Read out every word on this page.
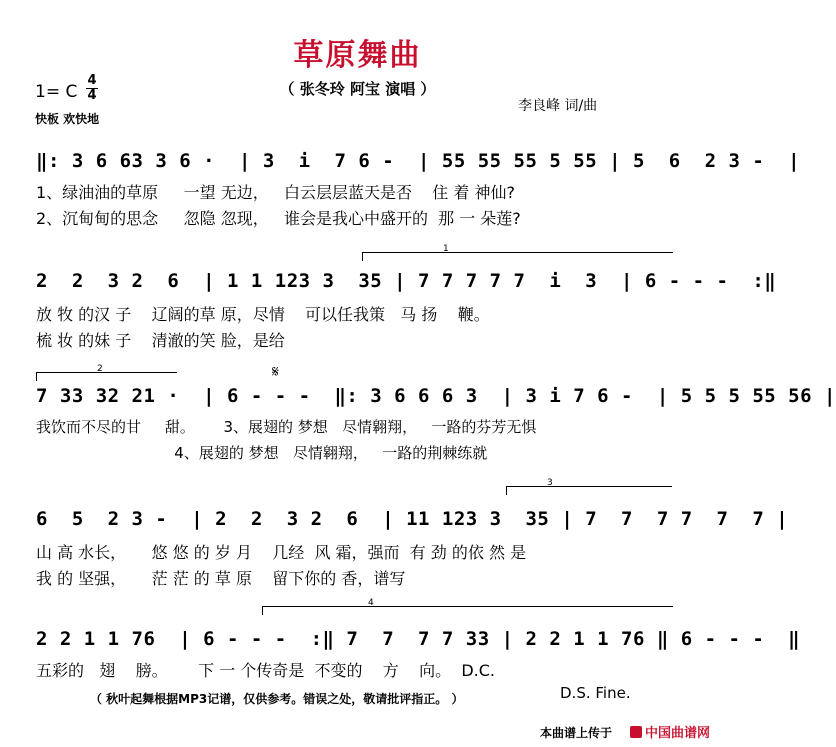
草原舞曲
（ 张冬玲 阿宝 演唱 ）
1= C
4
4
快板 欢快地
李良峰 词/曲
‖: 3 6 63 3 6 ·  | 3  i  7 6 -  | 55 55 55 5 55 | 5  6  2 3 -  |
1、绿油油的草原     一望 无边，   白云层层蓝天是否    住 着 神仙?
2、沉甸甸的思念     忽隐 忽现，   谁会是我心中盛开的  那 一 朵莲?
1
2  2  3 2  6  | 1 1 123 3  35 | 7 7 7 7 7  i  3  | 6 - - -  :‖
放 牧 的汉 子    辽阔的草 原，尽情    可以任我策   马 扬    鞭。
梳 妆 的妹 子    清澈的笑 脸，是给
2	𝄋
7 33 32 21 ·  | 6 - - -  ‖: 3 6 6 6 3  | 3 i 7 6 -  | 5 5 5 55 56 |
我饮而不尽的甘     甜。      3、展翅的 梦想   尽情翱翔，   一路的芬芳无惧
4、展翅的 梦想   尽情翱翔，   一路的荆棘练就
3
6  5  2 3 -  | 2  2  3 2  6  | 11 123 3  35 | 7  7  7 7  7  7 |
山 高 水长，     悠 悠 的 岁 月    几经  风 霜，强而  有 劲 的依 然 是
我 的 坚强，     茫 茫 的 草 原    留下你的 香，谱写
4
2 2 1 1 76  | 6 - - -  :‖ 7  7  7 7 33 | 2 2 1 1 76 ‖ 6 - - -  ‖
五彩的   翅    膀。      下 一 个传奇是  不变的    方    向。  D.C.
D.S. Fine.
（ 秋叶起舞根据MP3记谱，仅供参考。错误之处，敬请批评指正。 ）
本曲谱上传于	中国曲谱网
